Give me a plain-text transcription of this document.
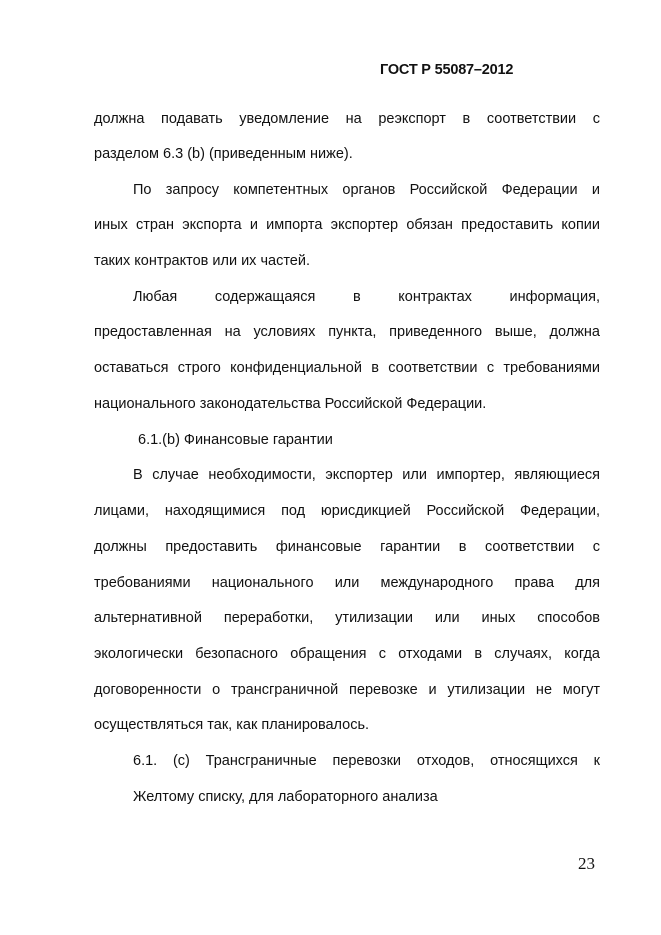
ГОСТ Р 55087–2012
должна подавать уведомление на реэкспорт в соответствии с
разделом 6.3 (b) (приведенным ниже).
По запросу компетентных органов Российской Федерации и
иных стран экспорта и импорта экспортер обязан предоставить копии
таких контрактов или их частей.
Любая содержащаяся в контрактах информация,
предоставленная на условиях пункта, приведенного выше, должна
оставаться строго конфиденциальной в соответствии с требованиями
национального законодательства Российской Федерации.
6.1.(b) Финансовые гарантии
В случае необходимости, экспортер или импортер, являющиеся
лицами, находящимися под юрисдикцией Российской Федерации,
должны предоставить финансовые гарантии в соответствии с
требованиями национального или международного права для
альтернативной переработки, утилизации или иных способов
экологически безопасного обращения с отходами в случаях, когда
договоренности о трансграничной перевозке и утилизации не могут
осуществляться так, как планировалось.
6.1. (c) Трансграничные перевозки отходов, относящихся к
Желтому списку, для лабораторного анализа
23
